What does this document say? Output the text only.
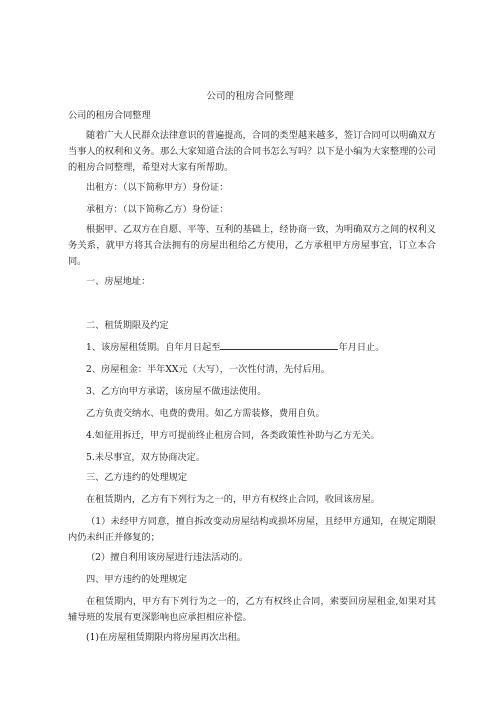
公司的租房合同整理
公司的租房合同整理
随着广大人民群众法律意识的普遍提高，合同的类型越来越多，签订合同可以明确双方当事人的权利和义务。那么大家知道合法的合同书怎么写吗？以下是小编为大家整理的公司的租房合同整理，希望对大家有所帮助。
出租方：（以下简称甲方）身份证：
承租方：（以下简称乙方）身份证：
根据甲、乙双方在自愿、平等、互利的基础上，经协商一致，为明确双方之间的权利义务关系，就甲方将其合法拥有的房屋出租给乙方使用，乙方承租甲方房屋事宜，订立本合同。
一、房屋地址：
二、租赁期限及约定
1、该房屋租赁期。自年月日起至	年月日止。
2、房屋租金：半年XX元（大写），一次性付清，先付后用。
3、乙方向甲方承诺，该房屋不做违法使用。
乙方负责交纳水、电费的费用。如乙方需装修，费用自负。
4.如征用拆迁，甲方可提前终止租房合同，各类政策性补助与乙方无关。
5.未尽事宜，双方协商决定。
三、乙方违约的处理规定
在租赁期内，乙方有下列行为之一的，甲方有权终止合同，收回该房屋。
（1）未经甲方同意，擅自拆改变动房屋结构或损坏房屋，且经甲方通知，在规定期限内仍未纠正并修复的；
（2）擅自利用该房屋进行违法活动的。
四、甲方违约的处理规定
在租赁期内，甲方有下列行为之一的，乙方有权终止合同，索要回房屋租金,如果对其辅导班的发展有更深影响也应承担相应补偿。
(1)在房屋租赁期限内将房屋再次出租。
